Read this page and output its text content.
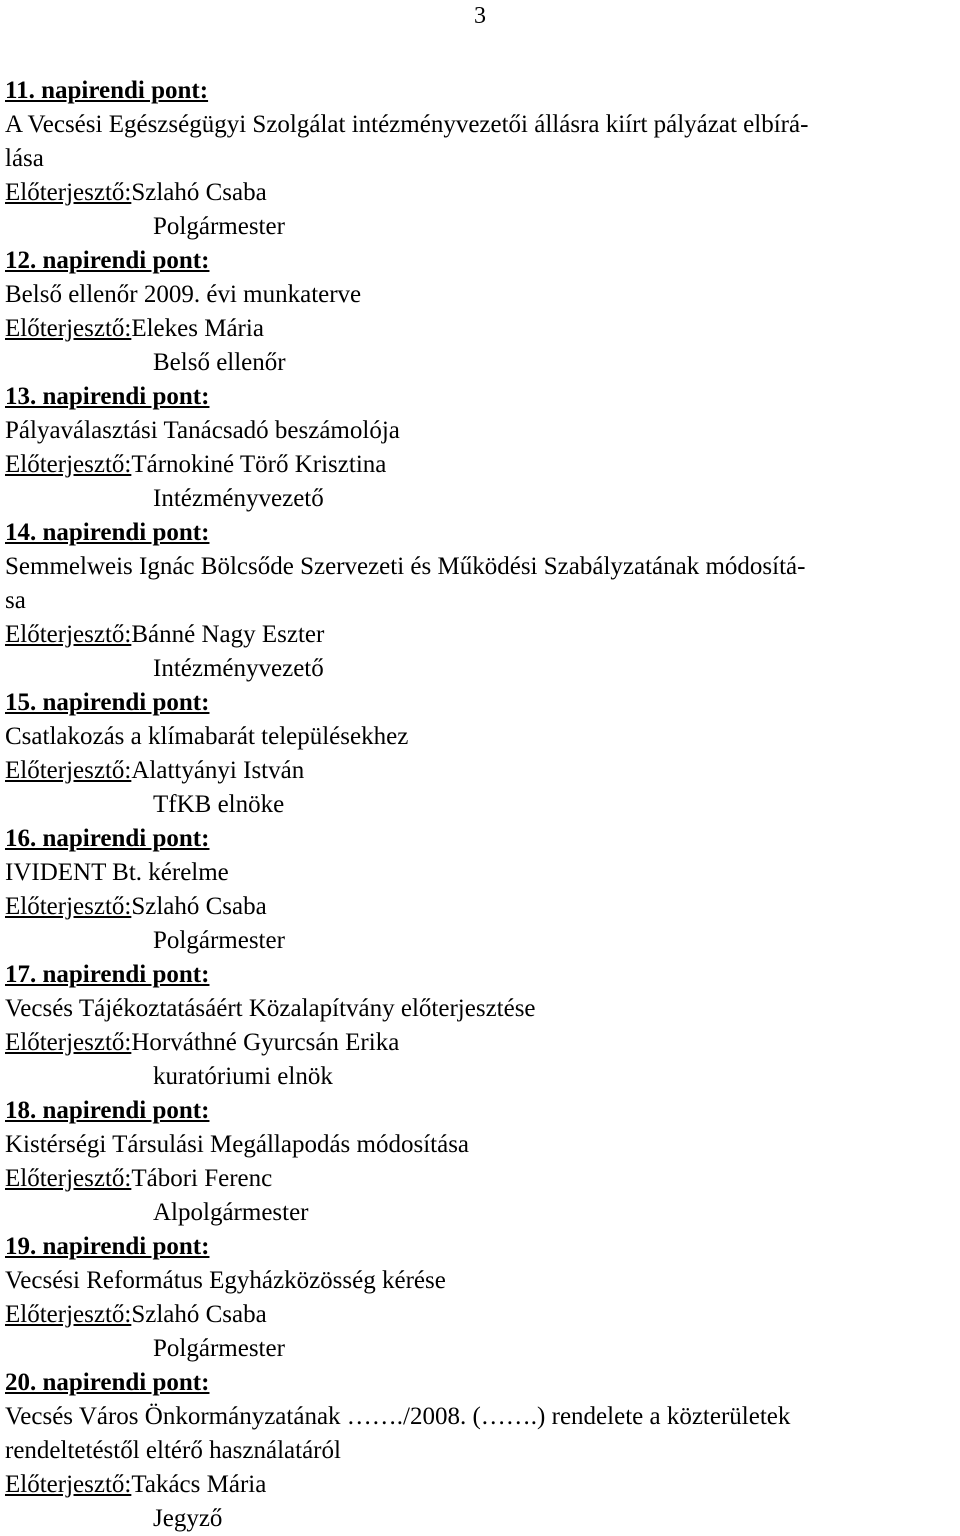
3
11. napirendi pont:
A Vecsési Egészségügyi Szolgálat intézményvezetői állásra kiírt pályázat elbírá-
lása
Előterjesztő:Szlahó Csaba
Polgármester
12. napirendi pont:
Belső ellenőr 2009. évi munkaterve
Előterjesztő:Elekes Mária
Belső ellenőr
13. napirendi pont:
Pályaválasztási Tanácsadó beszámolója
Előterjesztő:Tárnokiné Törő Krisztina
Intézményvezető
14. napirendi pont:
Semmelweis Ignác Bölcsőde Szervezeti és Működési Szabályzatának módosítá-
sa
Előterjesztő:Bánné Nagy Eszter
Intézményvezető
15. napirendi pont:
Csatlakozás a klímabarát településekhez
Előterjesztő:Alattyányi István
TfKB elnöke
16. napirendi pont:
IVIDENT Bt. kérelme
Előterjesztő:Szlahó Csaba
Polgármester
17. napirendi pont:
Vecsés Tájékoztatásáért Közalapítvány előterjesztése
Előterjesztő:Horváthné Gyurcsán Erika
kuratóriumi elnök
18. napirendi pont:
Kistérségi Társulási Megállapodás módosítása
Előterjesztő:Tábori Ferenc
Alpolgármester
19. napirendi pont:
Vecsési Református Egyházközösség kérése
Előterjesztő:Szlahó Csaba
Polgármester
20. napirendi pont:
Vecsés Város Önkormányzatának ……./2008. (…….) rendelete a közterületek
rendeltetéstől eltérő használatáról
Előterjesztő:Takács Mária
Jegyző
